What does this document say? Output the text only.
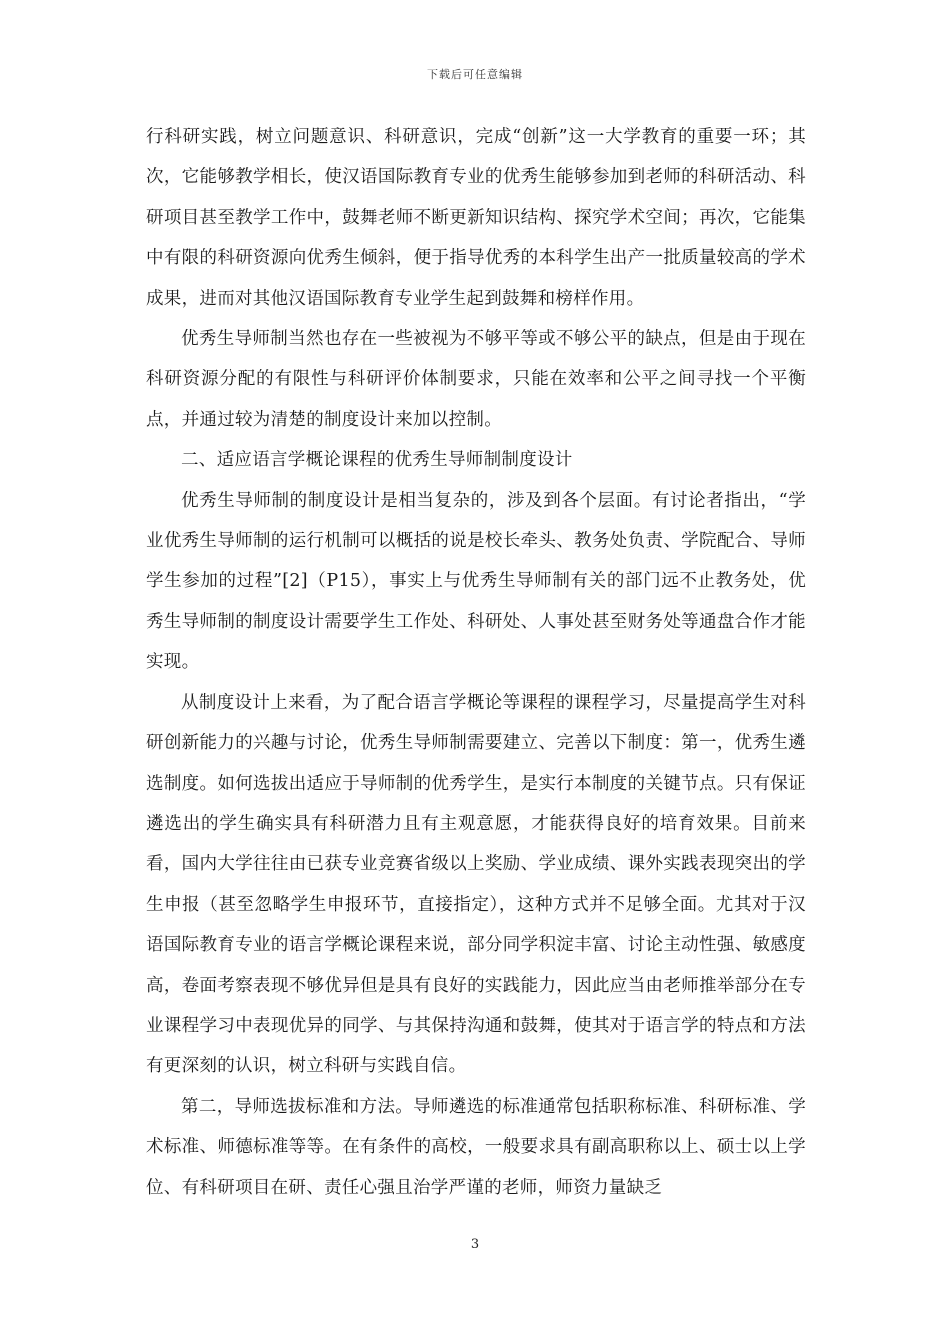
下载后可任意编辑

行科研实践，树立问题意识、科研意识，完成“创新”这一大学教育的重要一环；其次，它能够教学相长，使汉语国际教育专业的优秀生能够参加到老师的科研活动、科研项目甚至教学工作中，鼓舞老师不断更新知识结构、探究学术空间；再次，它能集中有限的科研资源向优秀生倾斜，便于指导优秀的本科学生出产一批质量较高的学术成果，进而对其他汉语国际教育专业学生起到鼓舞和榜样作用。

优秀生导师制当然也存在一些被视为不够平等或不够公平的缺点，但是由于现在科研资源分配的有限性与科研评价体制要求，只能在效率和公平之间寻找一个平衡点，并通过较为清楚的制度设计来加以控制。

二、适应语言学概论课程的优秀生导师制制度设计

优秀生导师制的制度设计是相当复杂的，涉及到各个层面。有讨论者指出，“学业优秀生导师制的运行机制可以概括的说是校长牵头、教务处负责、学院配合、导师学生参加的过程”[2]（P15），事实上与优秀生导师制有关的部门远不止教务处，优秀生导师制的制度设计需要学生工作处、科研处、人事处甚至财务处等通盘合作才能实现。

从制度设计上来看，为了配合语言学概论等课程的课程学习，尽量提高学生对科研创新能力的兴趣与讨论，优秀生导师制需要建立、完善以下制度：第一，优秀生遴选制度。如何选拔出适应于导师制的优秀学生，是实行本制度的关键节点。只有保证遴选出的学生确实具有科研潜力且有主观意愿，才能获得良好的培育效果。目前来看，国内大学往往由已获专业竞赛省级以上奖励、学业成绩、课外实践表现突出的学生申报（甚至忽略学生申报环节，直接指定），这种方式并不足够全面。尤其对于汉语国际教育专业的语言学概论课程来说，部分同学积淀丰富、讨论主动性强、敏感度高，卷面考察表现不够优异但是具有良好的实践能力，因此应当由老师推举部分在专业课程学习中表现优异的同学、与其保持沟通和鼓舞，使其对于语言学的特点和方法有更深刻的认识，树立科研与实践自信。

第二，导师选拔标准和方法。导师遴选的标准通常包括职称标准、科研标准、学术标准、师德标准等等。在有条件的高校，一般要求具有副高职称以上、硕士以上学位、有科研项目在研、责任心强且治学严谨的老师，师资力量缺乏

3
